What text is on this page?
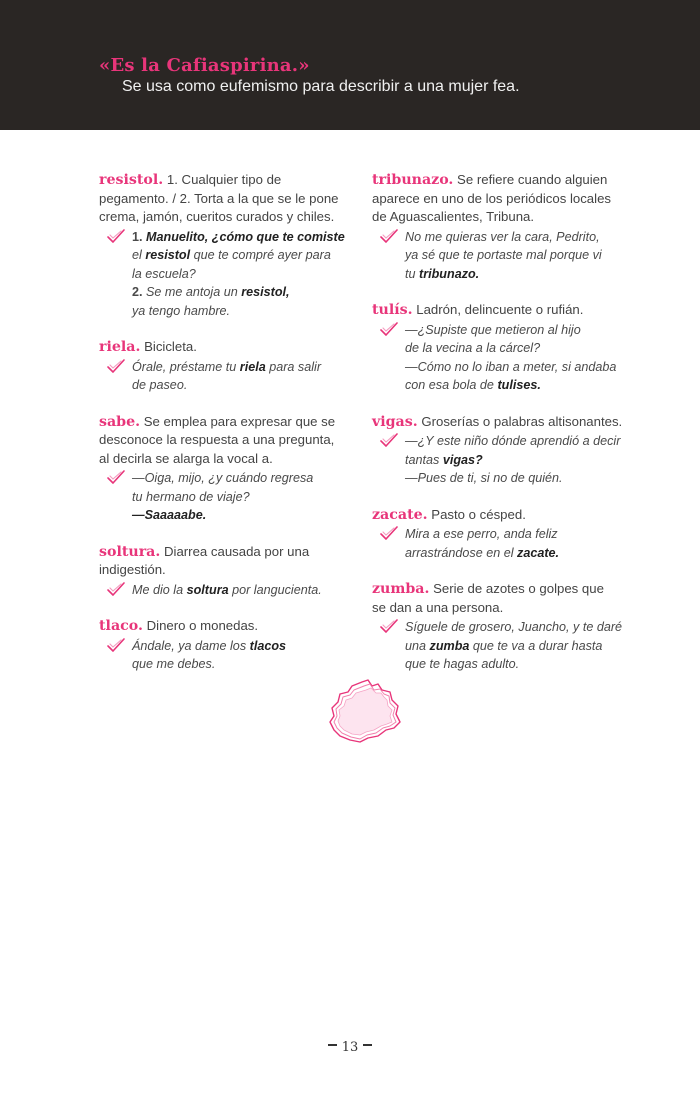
«Es la Cafiaspirina.»
Se usa como eufemismo para describir a una mujer fea.
resistol. 1. Cualquier tipo de
pegamento. / 2. Torta a la que se le pone
crema, jamón, cueritos curados y chiles.
1. Manuelito, ¿cómo que te comiste
el resistol que te compré ayer para
la escuela?
2. Se me antoja un resistol,
ya tengo hambre.
riela. Bicicleta.
Órale, préstame tu riela para salir
de paseo.
sabe. Se emplea para expresar que se
desconoce la respuesta a una pregunta,
al decirla se alarga la vocal a.
—Oiga, mijo, ¿y cuándo regresa
tu hermano de viaje?
—Saaaaabe.
soltura. Diarrea causada por una
indigestión.
Me dio la soltura por langucienta.
tlaco. Dinero o monedas.
Ándale, ya dame los tlacos
que me debes.
tribunazo. Se refiere cuando alguien
aparece en uno de los periódicos locales
de Aguascalientes, Tribuna.
No me quieras ver la cara, Pedrito,
ya sé que te portaste mal porque vi
tu tribunazo.
tulís. Ladrón, delincuente o rufián.
—¿Supiste que metieron al hijo
de la vecina a la cárcel?
—Cómo no lo iban a meter, si andaba
con esa bola de tulises.
vigas. Groserías o palabras altisonantes.
—¿Y este niño dónde aprendió a decir
tantas vigas?
—Pues de ti, si no de quién.
zacate. Pasto o césped.
Mira a ese perro, anda feliz
arrastrándose en el zacate.
zumba. Serie de azotes o golpes que
se dan a una persona.
Síguele de grosero, Juancho, y te daré
una zumba que te va a durar hasta
que te hagas adulto.
13
